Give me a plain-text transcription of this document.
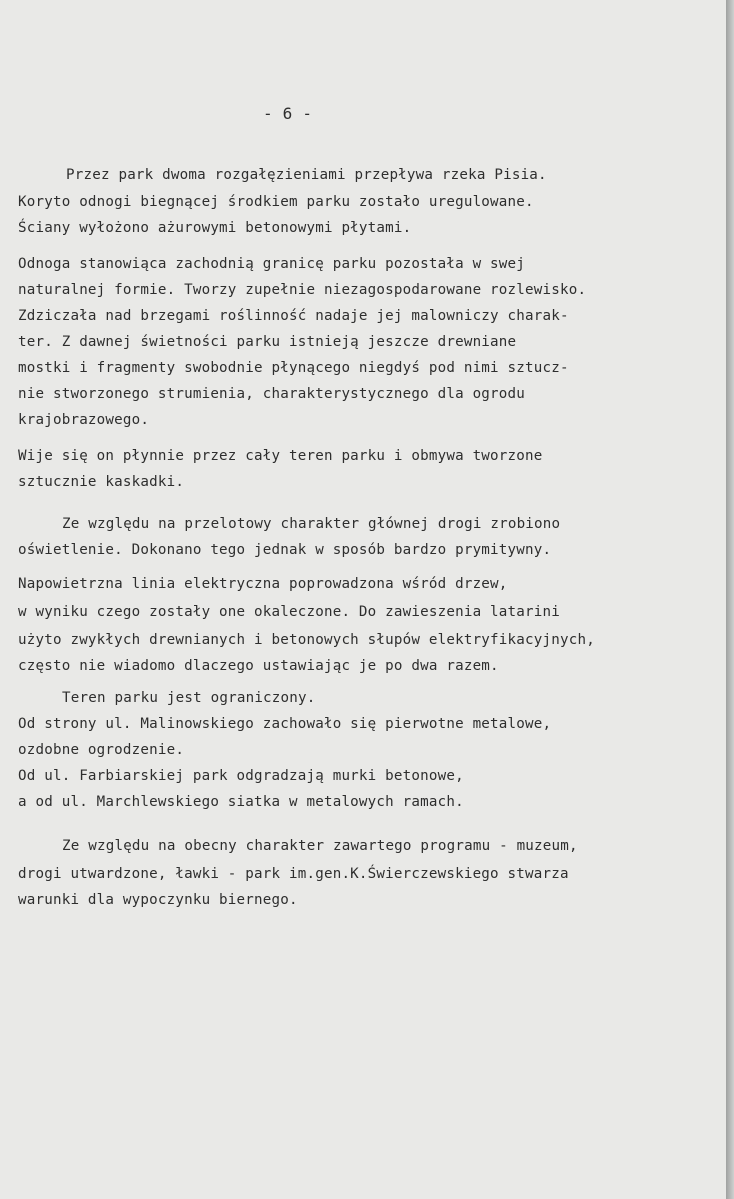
- 6 -
Przez park dwoma rozgałęzieniami przepływa rzeka Pisia.
Koryto odnogi biegnącej środkiem parku zostało uregulowane.
Ściany wyłożono ażurowymi betonowymi płytami.
Odnoga stanowiąca zachodnią granicę parku pozostała w swej
naturalnej formie. Tworzy zupełnie niezagospodarowane rozlewisko.
Zdziczała nad brzegami roślinność nadaje jej malowniczy charak-
ter. Z dawnej świetności parku istnieją jeszcze drewniane
mostki i fragmenty swobodnie płynącego niegdyś pod nimi sztucz-
nie stworzonego strumienia, charakterystycznego dla ogrodu
krajobrazowego.
Wije się on płynnie przez cały teren parku i obmywa tworzone
sztucznie kaskadki.
Ze względu na przelotowy charakter głównej drogi zrobiono
oświetlenie. Dokonano tego jednak w sposób bardzo prymitywny.
Napowietrzna linia elektryczna poprowadzona wśród drzew,
w wyniku czego zostały one okaleczone. Do zawieszenia latarini
użyto zwykłych drewnianych i betonowych słupów elektryfikacyjnych,
często nie wiadomo dlaczego ustawiając je po dwa razem.
Teren parku jest ograniczony.
Od strony ul. Malinowskiego zachowało się pierwotne metalowe,
ozdobne ogrodzenie.
Od ul. Farbiarskiej park odgradzają murki betonowe,
a od ul. Marchlewskiego siatka w metalowych ramach.
Ze względu na obecny charakter zawartego programu - muzeum,
drogi utwardzone, ławki - park im.gen.K.Świerczewskiego stwarza
warunki dla wypoczynku biernego.
